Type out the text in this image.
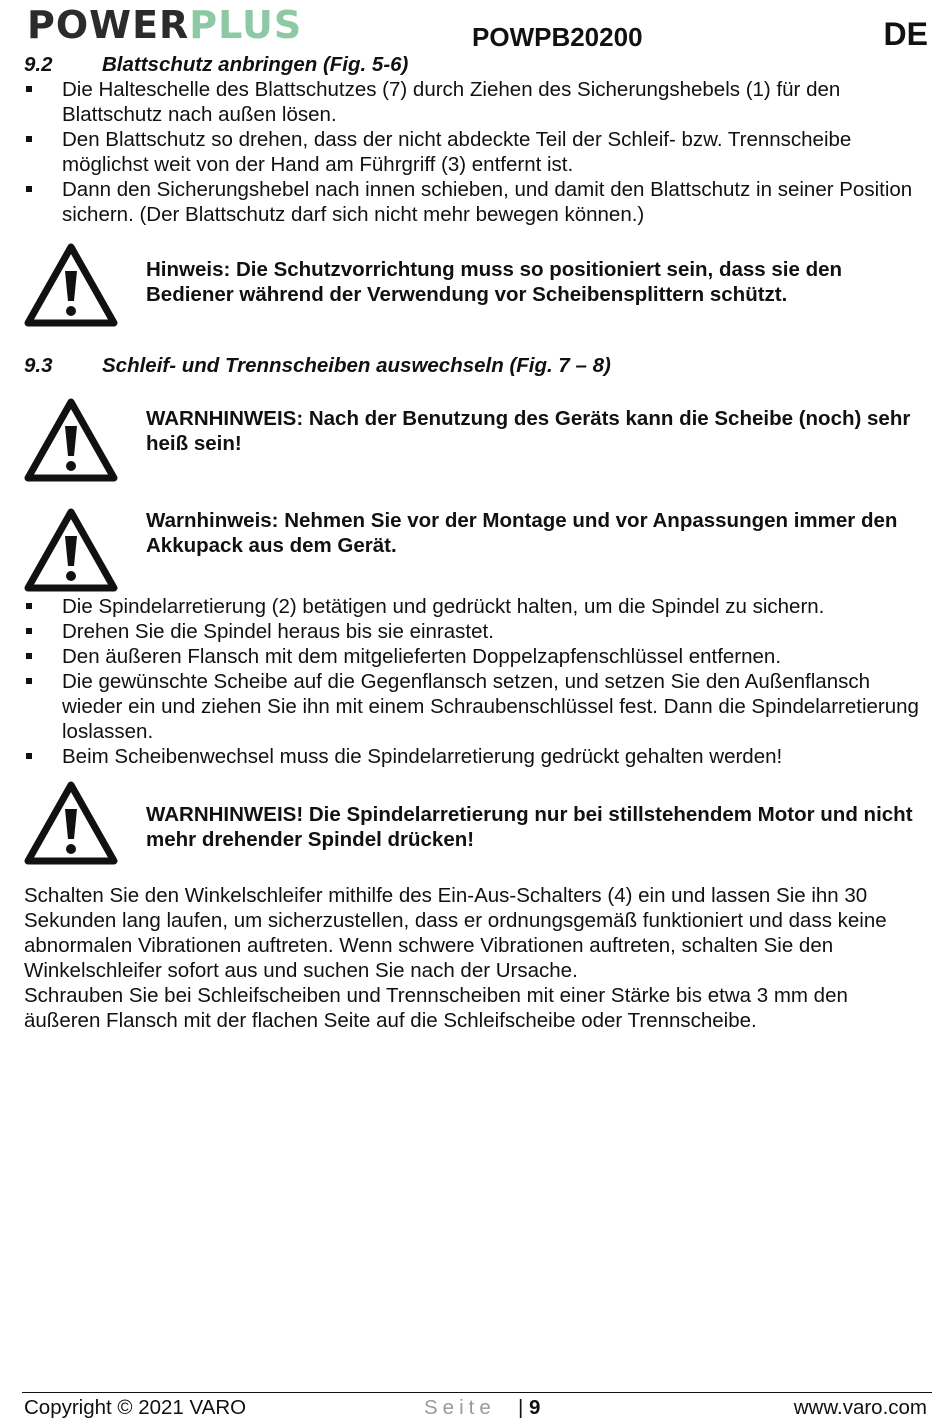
POWERPLUS	POWPB20200	DE
9.2 Blattschutz anbringen (Fig. 5-6)
Die Halteschelle des Blattschutzes (7) durch Ziehen des Sicherungshebels (1) für den Blattschutz nach außen lösen.
Den Blattschutz so drehen, dass der nicht abdeckte Teil der Schleif- bzw. Trennscheibe möglichst weit von der Hand am Führgriff (3) entfernt ist.
Dann den Sicherungshebel nach innen schieben, und damit den Blattschutz in seiner Position sichern. (Der Blattschutz darf sich nicht mehr bewegen können.)
Hinweis: Die Schutzvorrichtung muss so positioniert sein, dass sie den Bediener während der Verwendung vor Scheibensplittern schützt.
9.3 Schleif- und Trennscheiben auswechseln (Fig. 7 – 8)
WARNHINWEIS: Nach der Benutzung des Geräts kann die Scheibe (noch) sehr heiß sein!
Warnhinweis: Nehmen Sie vor der Montage und vor Anpassungen immer den Akkupack aus dem Gerät.
Die Spindelarretierung (2) betätigen und gedrückt halten, um die Spindel zu sichern.
Drehen Sie die Spindel heraus bis sie einrastet.
Den äußeren Flansch mit dem mitgelieferten Doppelzapfenschlüssel entfernen.
Die gewünschte Scheibe auf die Gegenflansch setzen, und setzen Sie den Außenflansch wieder ein und ziehen Sie ihn mit einem Schraubenschlüssel fest. Dann die Spindelarretierung loslassen.
Beim Scheibenwechsel muss die Spindelarretierung gedrückt gehalten werden!
WARNHINWEIS! Die Spindelarretierung nur bei stillstehendem Motor und nicht mehr drehender Spindel drücken!

Schalten Sie den Winkelschleifer mithilfe des Ein-Aus-Schalters (4) ein und lassen Sie ihn 30 Sekunden lang laufen, um sicherzustellen, dass er ordnungsgemäß funktioniert und dass keine abnormalen Vibrationen auftreten. Wenn schwere Vibrationen auftreten, schalten Sie den Winkelschleifer sofort aus und suchen Sie nach der Ursache.

Schrauben Sie bei Schleifscheiben und Trennscheiben mit einer Stärke bis etwa 3 mm den äußeren Flansch mit der flachen Seite auf die Schleifscheibe oder Trennscheibe.

Copyright © 2021 VARO	Seite | 9	www.varo.com
